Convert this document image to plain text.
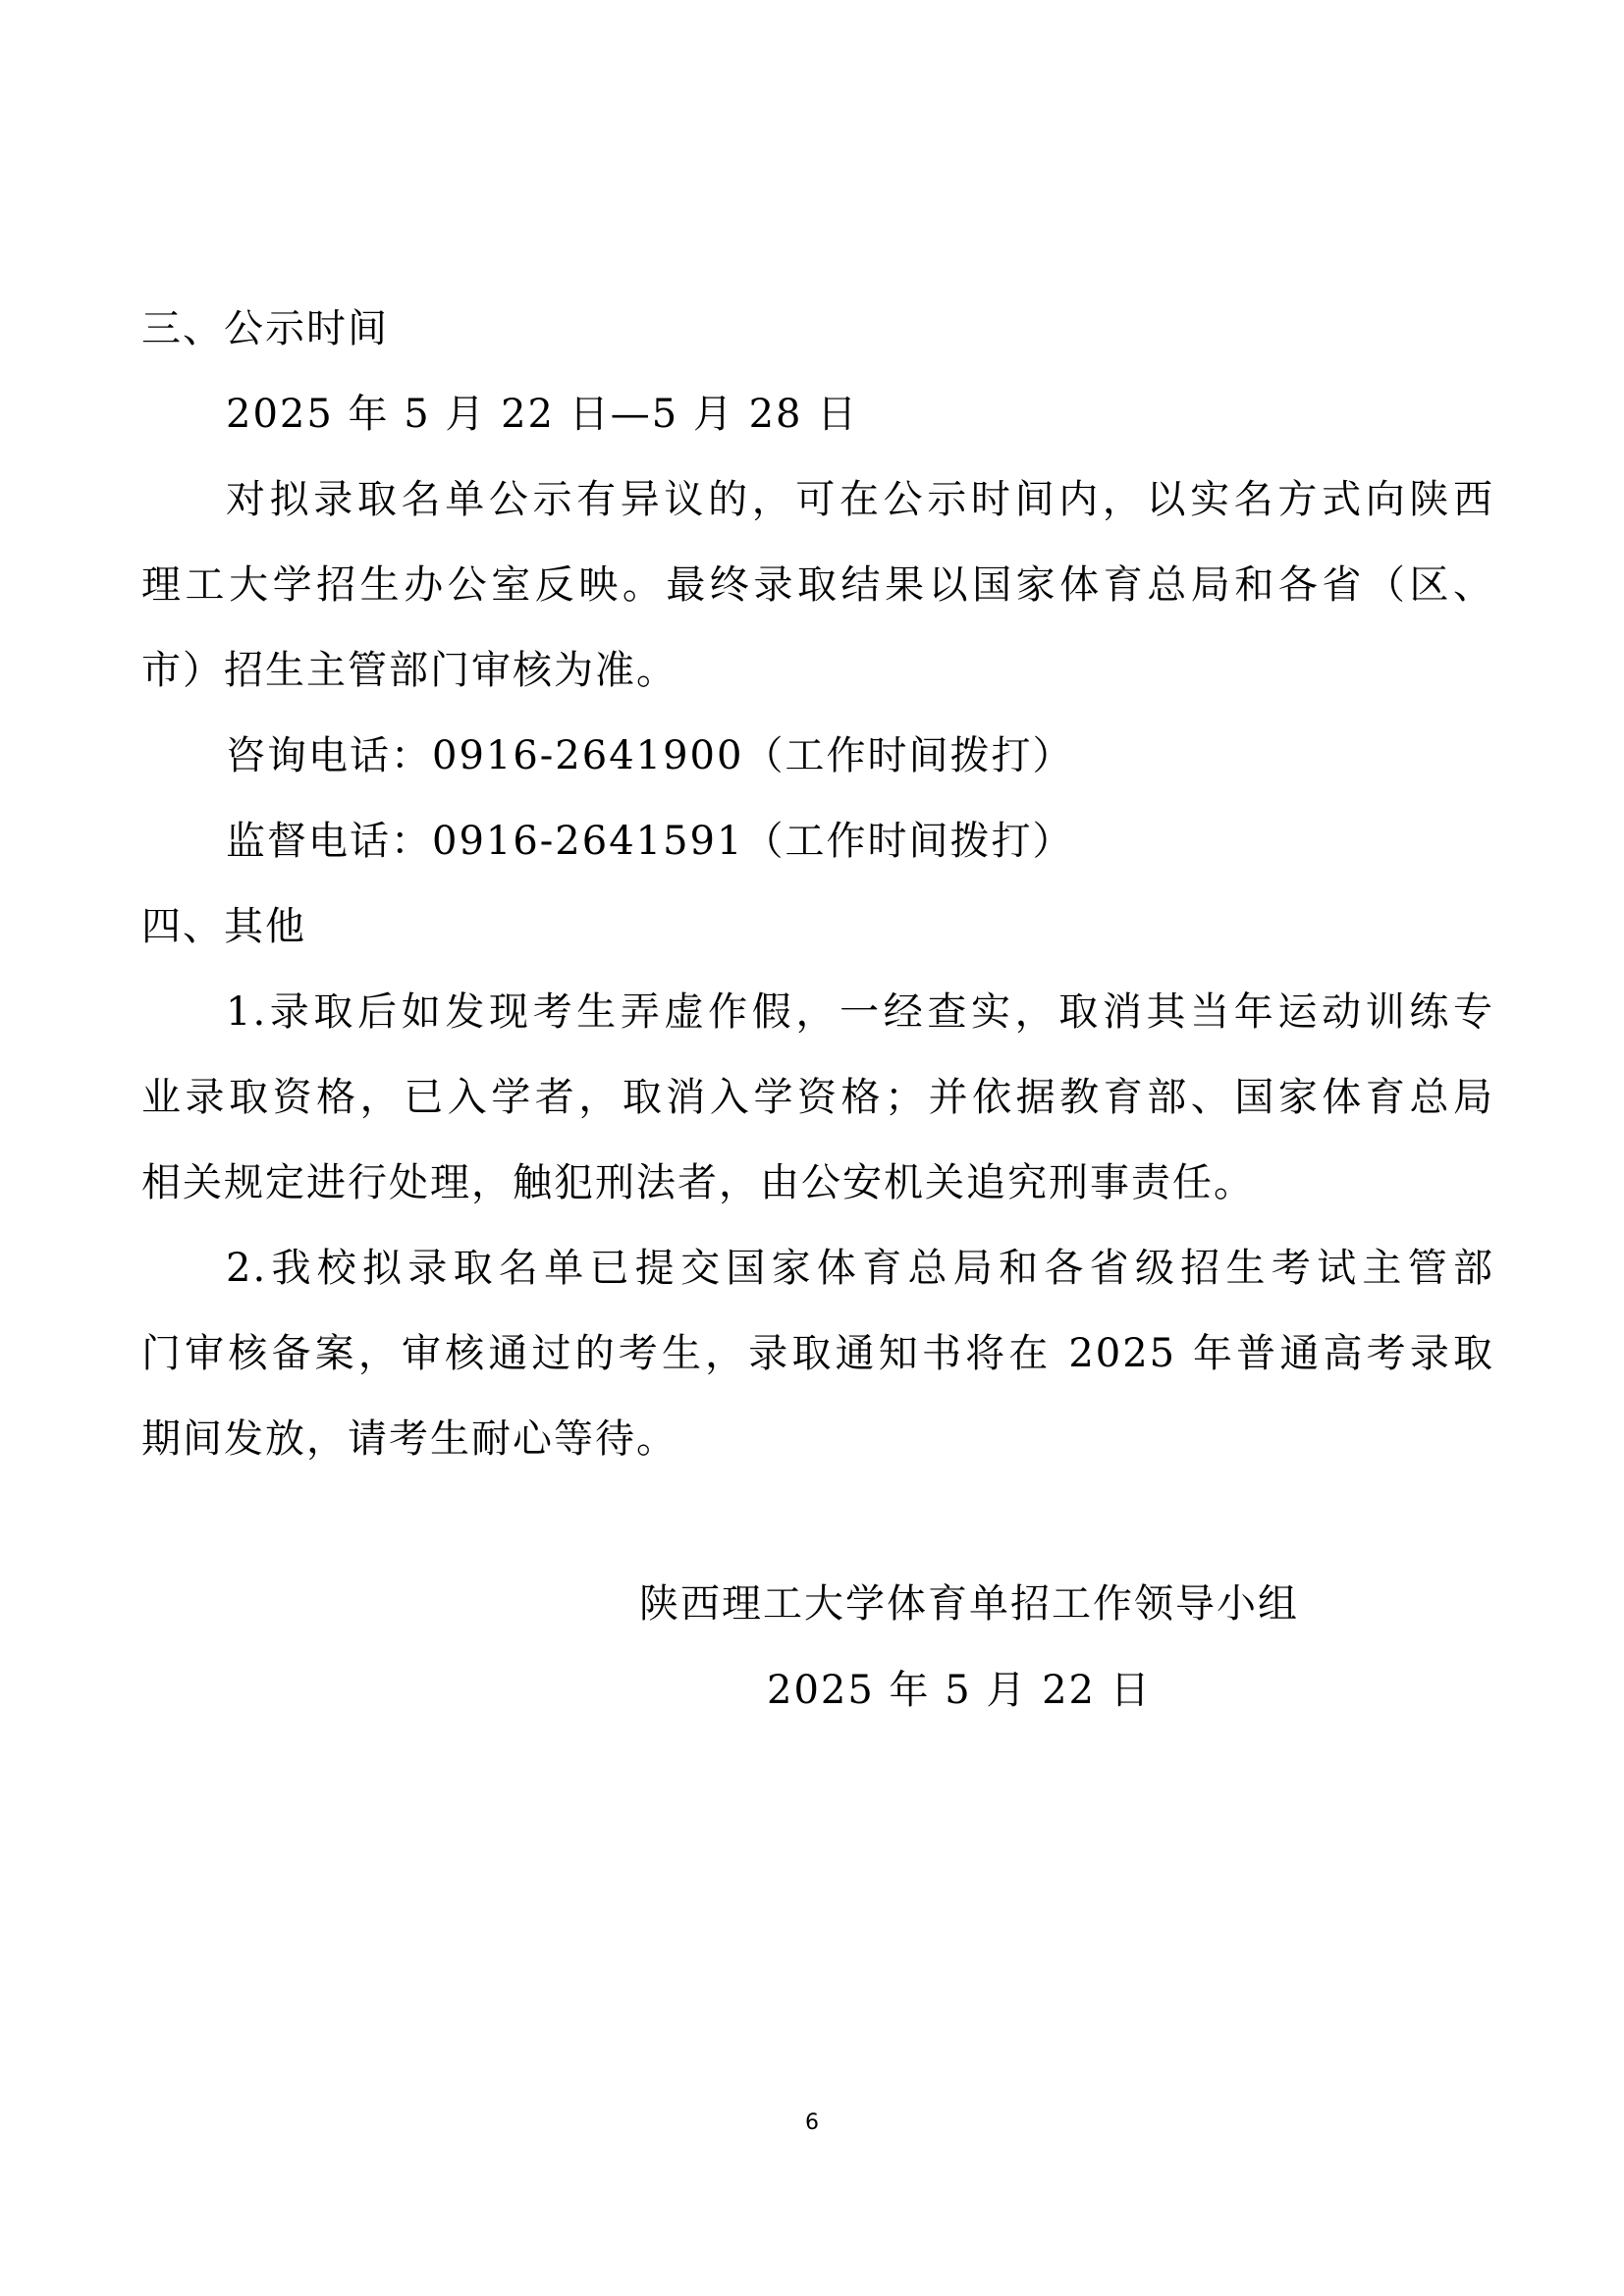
三、公示时间
2025 年 5 月 22 日—5 月 28 日
对拟录取名单公示有异议的，可在公示时间内，以实名方式向陕西
理工大学招生办公室反映。最终录取结果以国家体育总局和各省（区、
市）招生主管部门审核为准。
咨询电话：0916-2641900（工作时间拨打）
监督电话：0916-2641591（工作时间拨打）
四、其他
1.录取后如发现考生弄虚作假，一经查实，取消其当年运动训练专
业录取资格，已入学者，取消入学资格；并依据教育部、国家体育总局
相关规定进行处理，触犯刑法者，由公安机关追究刑事责任。
2.我校拟录取名单已提交国家体育总局和各省级招生考试主管部
门审核备案，审核通过的考生，录取通知书将在 2025 年普通高考录取
期间发放，请考生耐心等待。
陕西理工大学体育单招工作领导小组
2025 年 5 月 22 日
6
